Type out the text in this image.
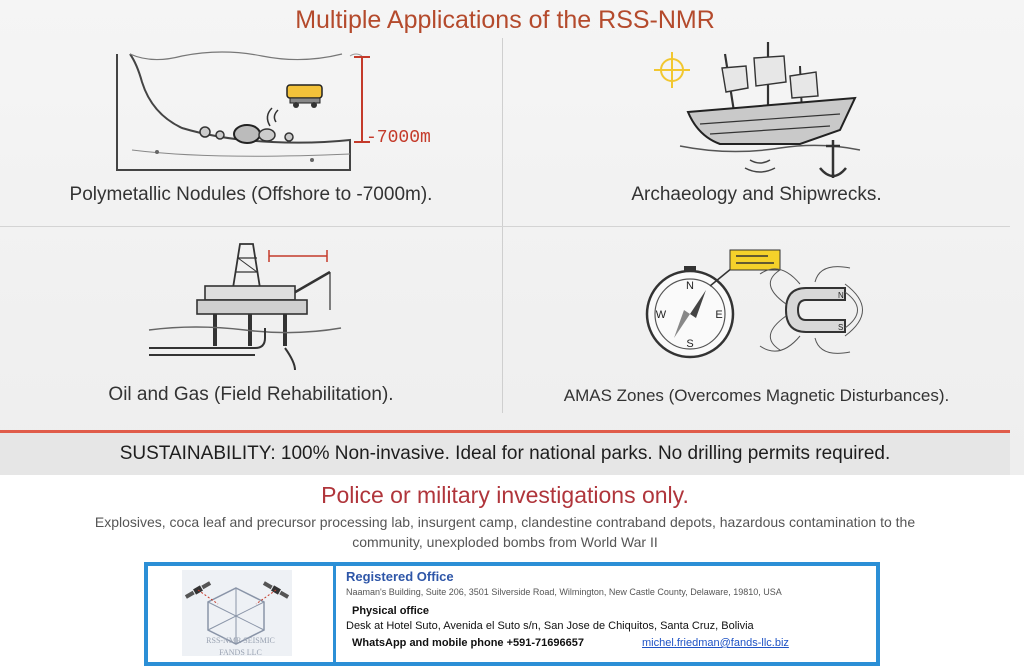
Multiple Applications of the RSS-NMR
-7000m
Polymetallic Nodules (Offshore to -7000m).	Archaeology and Shipwrecks.
Oil and Gas (Field Rehabilitation).
N
S
W	E
N
S
AMAS Zones (Overcomes Magnetic Disturbances).
SUSTAINABILITY: 100% Non-invasive. Ideal for national parks. No drilling permits required.
Police or military investigations only.
Explosives, coca leaf and precursor processing lab, insurgent camp, clandestine contraband depots, hazardous contamination to the
community, unexploded bombs from World War II
RSS-NMR SEISMIC
FANDS LLC
Registered Office
Naaman's Building, Suite 206, 3501 Silverside Road, Wilmington, New Castle County, Delaware, 19810, USA
Physical office
Desk at Hotel Suto, Avenida el Suto s/n, San Jose de Chiquitos, Santa Cruz, Bolivia
WhatsApp and mobile phone +591-71696657	michel.friedman@fands-llc.biz
